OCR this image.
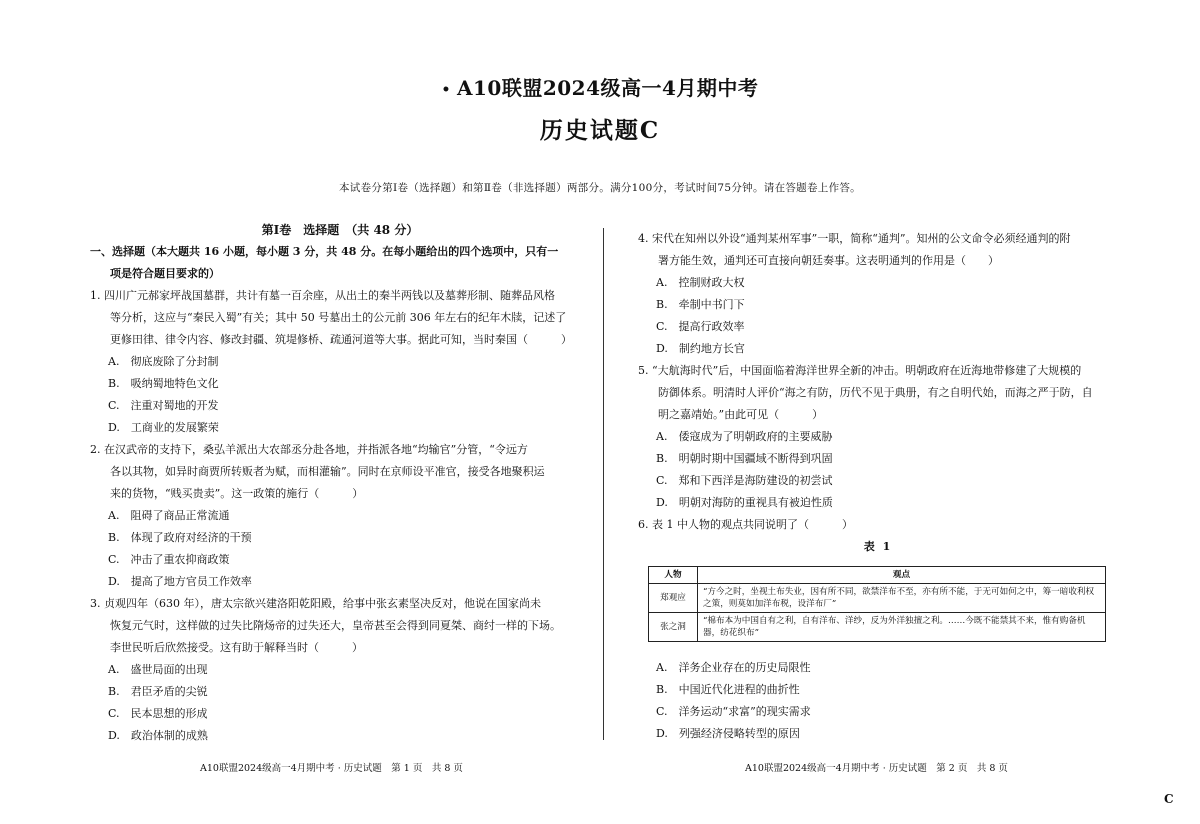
• A10联盟2024级高一4月期中考
历史试题C
本试卷分第Ⅰ卷（选择题）和第Ⅱ卷（非选择题）两部分。满分100分，考试时间75分钟。请在答题卷上作答。

第Ⅰ卷　选择题　（共 48 分）

一、选择题（本大题共 16 小题，每小题 3 分，共 48 分。在每小题给出的四个选项中，只有一

项是符合题目要求的）

1. 四川广元郝家坪战国墓群，共计有墓一百余座，从出土的秦半两钱以及墓葬形制、随葬品风格

等分析，这应与“秦民入蜀”有关；其中 50 号墓出土的公元前 306 年左右的纪年木牍，记述了

更修田律、律令内容、修改封疆、筑堤修桥、疏通河道等大事。据此可知，当时秦国（　　　）

A.　彻底废除了分封制

B.　吸纳蜀地特色文化

C.　注重对蜀地的开发

D.　工商业的发展繁荣

2. 在汉武帝的支持下，桑弘羊派出大农部丞分赴各地，并指派各地“均输官”分管，“令远方

各以其物，如异时商贾所转贩者为赋，而相灌输”。同时在京师设平准官，接受各地聚积运

来的货物，“贱买贵卖”。这一政策的施行（　　　）

A.　阻碍了商品正常流通

B.　体现了政府对经济的干预

C.　冲击了重农抑商政策

D.　提高了地方官员工作效率

3. 贞观四年（630 年），唐太宗欲兴建洛阳乾阳殿，给事中张玄素坚决反对，他说在国家尚未

恢复元气时，这样做的过失比隋炀帝的过失还大，皇帝甚至会得到同夏桀、商纣一样的下场。

李世民听后欣然接受。这有助于解释当时（　　　）

A.　盛世局面的出现

B.　君臣矛盾的尖锐

C.　民本思想的形成

D.　政治体制的成熟

4. 宋代在知州以外设“通判某州军事”一职，简称“通判”。知州的公文命令必须经通判的附

署方能生效，通判还可直接向朝廷奏事。这表明通判的作用是（　　）

A.　控制财政大权

B.　牵制中书门下

C.　提高行政效率

D.　制约地方长官

5. “大航海时代”后，中国面临着海洋世界全新的冲击。明朝政府在近海地带修建了大规模的

防御体系。明清时人评价“海之有防，历代不见于典册，有之自明代始，而海之严于防，自

明之嘉靖始。”由此可见（　　　）

A.　倭寇成为了明朝政府的主要威胁

B.　明朝时期中国疆域不断得到巩固

C.　郑和下西洋是海防建设的初尝试

D.　明朝对海防的重视具有被迫性质

6. 表 1 中人物的观点共同说明了（　　　）

表 1

人物	观点
郑观应	“方今之时，坐视土布失业，因有所不同，欲禁洋布不至，亦有所不能，于无可如何之中，筹一暗收利权之策，则莫如加洋布税，设洋布厂”
张之洞	“棉布本为中国自有之利，自有洋布、洋纱，反为外洋独擅之利。……今既不能禁其不来，惟有购备机器，纺花织布”

A.　洋务企业存在的历史局限性

B.　中国近代化进程的曲折性

C.　洋务运动“求富”的现实需求

D.　列强经济侵略转型的原因

A10联盟2024级高一4月期中考 · 历史试题　第 1 页　共 8 页	A10联盟2024级高一4月期中考 · 历史试题　第 2 页　共 8 页
C
